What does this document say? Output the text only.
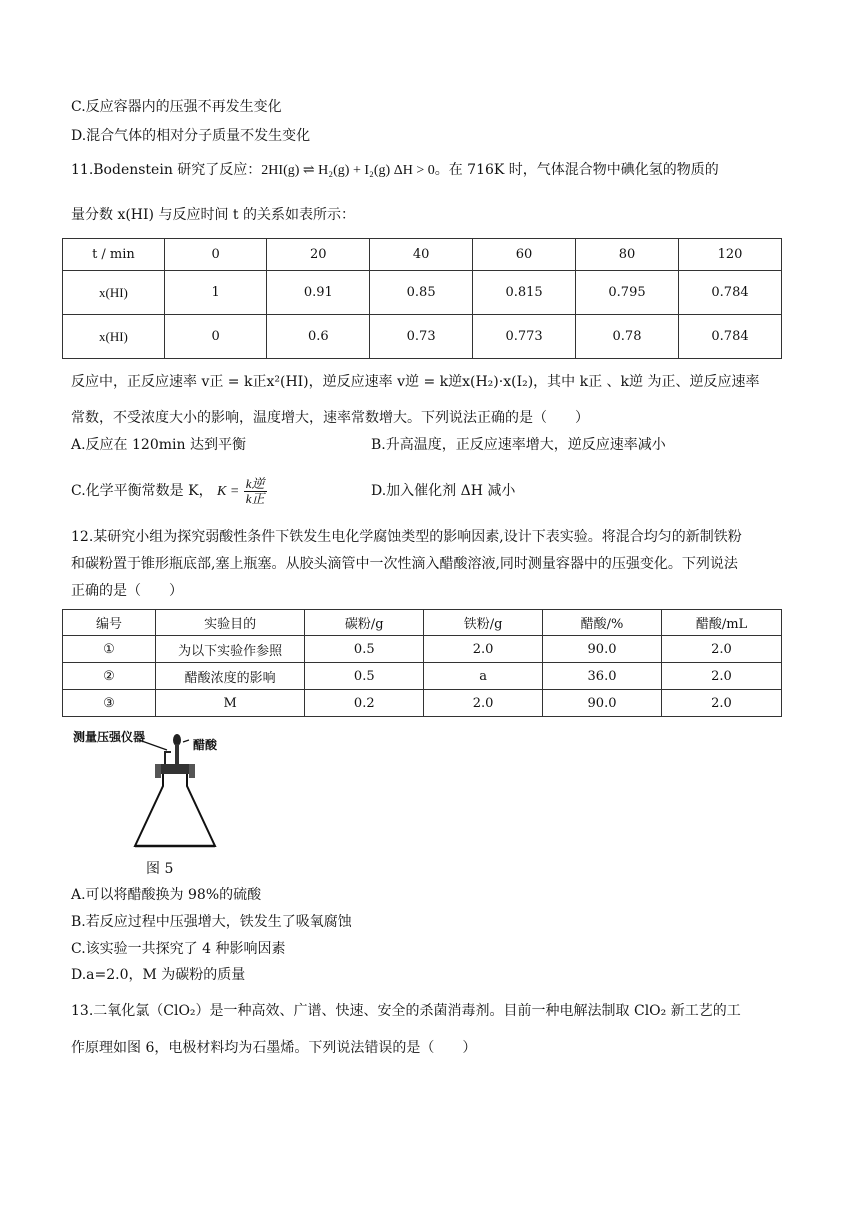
C.反应容器内的压强不再发生变化
D.混合气体的相对分子质量不发生变化
11.Bodenstein 研究了反应：2HI(g) ⇌ H₂(g) + I₂(g) ΔH > 0。在 716K 时，气体混合物中碘化氢的物质的
量分数 x(HI) 与反应时间 t 的关系如表所示：
t / min	0	20	40	60	80	120
x(HI)	1	0.91	0.85	0.815	0.795	0.784
x(HI)	0	0.6	0.73	0.773	0.78	0.784
反应中，正反应速率 v正 = k正x²(HI)，逆反应速率 v逆 = k逆x(H₂)·x(I₂)，其中 k正 、k逆 为正、逆反应速率
常数，不受浓度大小的影响，温度增大，速率常数增大。下列说法正确的是（　　）
A.反应在 120min 达到平衡	B.升高温度，正反应速率增大，逆反应速率减小
C.化学平衡常数是 K， $K = \frac{\text{k逆}}{\text{k正}}$	D.加入催化剂 ΔH 减小
12.某研究小组为探究弱酸性条件下铁发生电化学腐蚀类型的影响因素,设计下表实验。将混合均匀的新制铁粉
和碳粉置于锥形瓶底部,塞上瓶塞。从胶头滴管中一次性滴入醋酸溶液,同时测量容器中的压强变化。下列说法
正确的是（　　）
编号	实验目的	碳粉/g	铁粉/g	醋酸/%	醋酸/mL
①	为以下实验作参照	0.5	2.0	90.0	2.0
②	醋酸浓度的影响	0.5	a	36.0	2.0
③	M	0.2	2.0	90.0	2.0
测量压强仪器
醋酸
图 5
A.可以将醋酸换为 98%的硫酸
B.若反应过程中压强增大，铁发生了吸氧腐蚀
C.该实验一共探究了 4 种影响因素
D.a=2.0，M 为碳粉的质量
13.二氧化氯（ClO₂）是一种高效、广谱、快速、安全的杀菌消毒剂。目前一种电解法制取 ClO₂ 新工艺的工
作原理如图 6，电极材料均为石墨烯。下列说法错误的是（　　）
